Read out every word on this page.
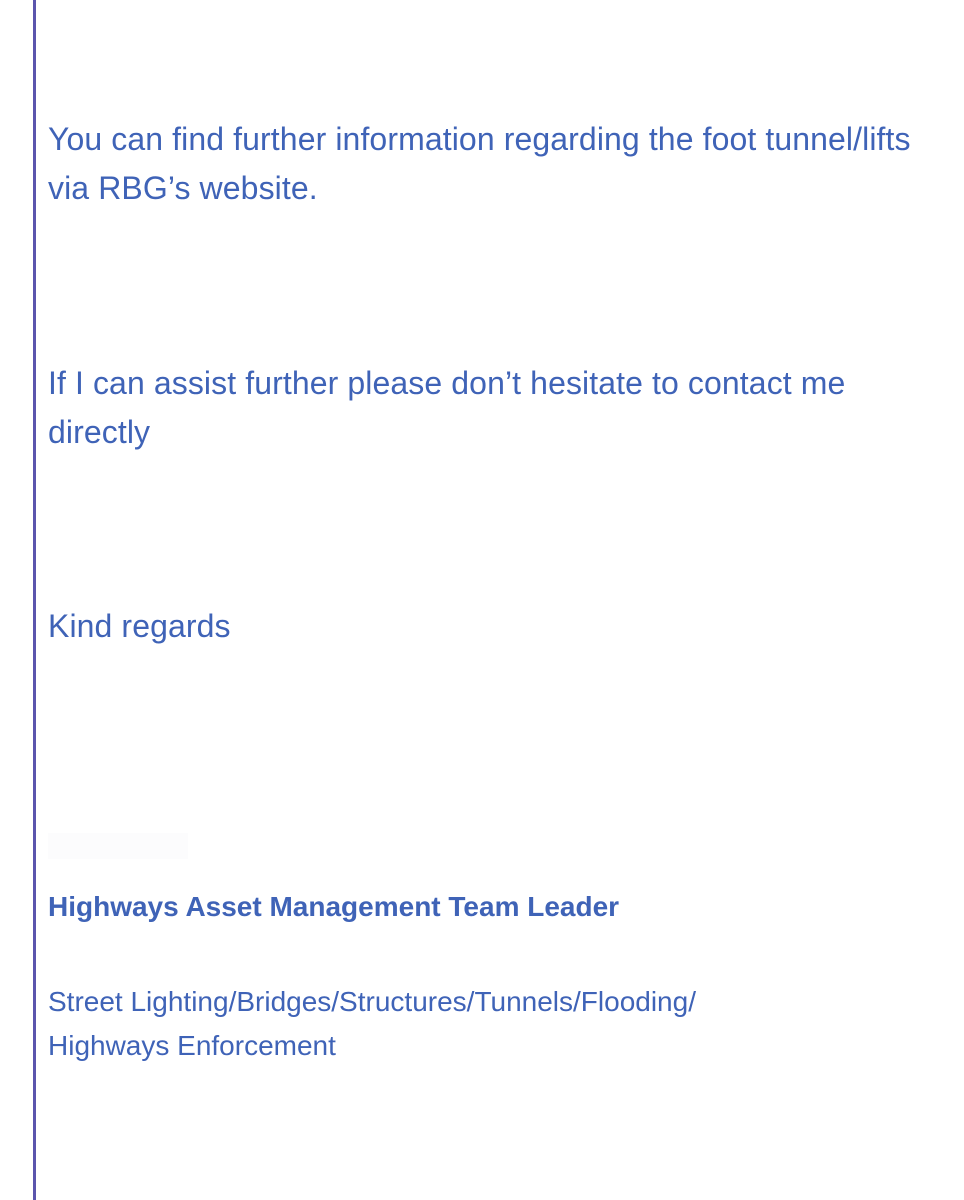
You can find further information regarding the foot tunnel/lifts via RBG’s website.

If I can assist further please don’t hesitate to contact me directly

Kind regards

Highways Asset Management Team Leader

Street Lighting/Bridges/Structures/Tunnels/Flooding/
Highways Enforcement
